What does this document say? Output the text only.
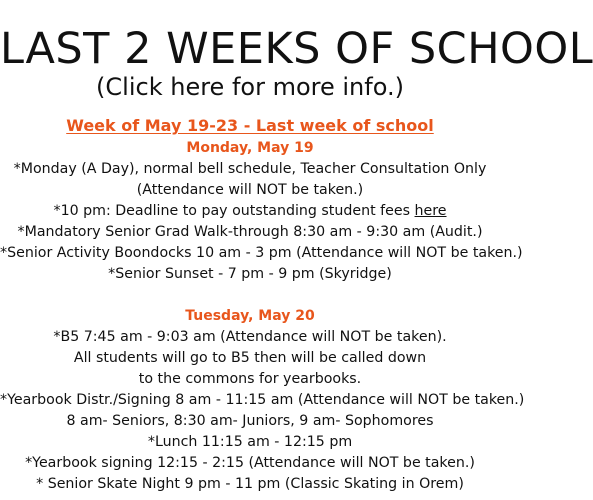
LAST 2 WEEKS OF SCHOOL
(Click here for more info.)
Week of May 19-23 - Last week of school
Monday, May 19
*Monday (A Day), normal bell schedule, Teacher Consultation Only
(Attendance will NOT be taken.)
*10 pm: Deadline to pay outstanding student fees here
*Mandatory Senior Grad Walk-through 8:30 am - 9:30 am (Audit.)
*Senior Activity Boondocks 10 am - 3 pm (Attendance will NOT be taken.)
*Senior Sunset - 7 pm - 9 pm (Skyridge)
Tuesday, May 20
*B5 7:45 am - 9:03 am (Attendance will NOT be taken).
All students will go to B5 then will be called down
to the commons for yearbooks.
*Yearbook Distr./Signing 8 am - 11:15 am (Attendance will NOT be taken.)
8 am- Seniors, 8:30 am- Juniors, 9 am- Sophomores
*Lunch 11:15 am - 12:15 pm
*Yearbook signing 12:15 - 2:15 (Attendance will NOT be taken.)
* Senior Skate Night 9 pm - 11 pm (Classic Skating in Orem)
